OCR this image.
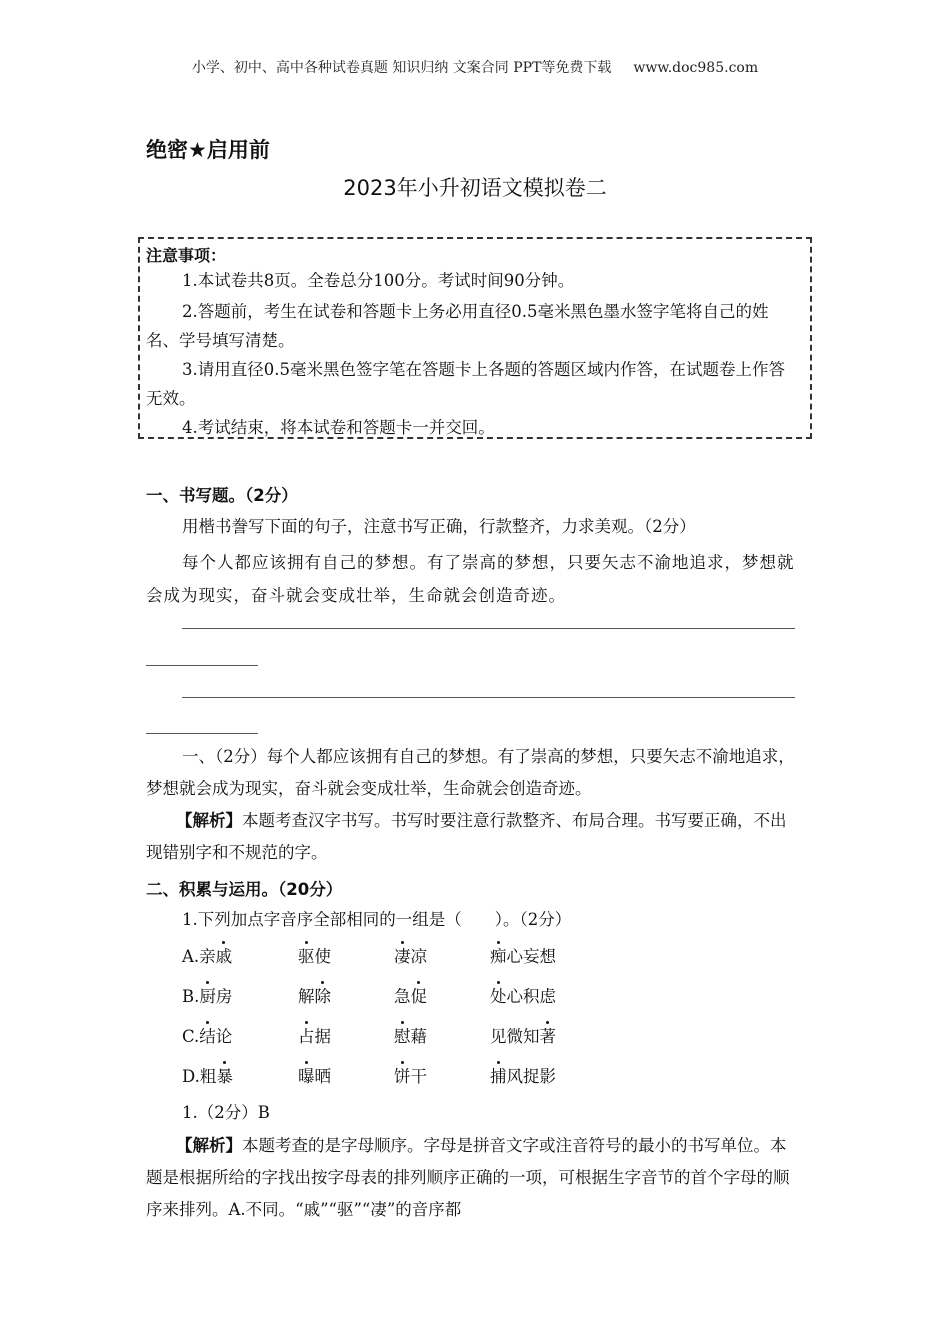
小学、初中、高中各种试卷真题 知识归纳 文案合同 PPT等免费下载 www.doc985.com
绝密★启用前
2023年小升初语文模拟卷二
注意事项：
1.本试卷共8页。全卷总分100分。考试时间90分钟。
2.答题前，考生在试卷和答题卡上务必用直径0.5毫米黑色墨水签字笔将自己的姓名、学号填写清楚。
3.请用直径0.5毫米黑色签字笔在答题卡上各题的答题区域内作答，在试题卷上作答无效。
4.考试结束，将本试卷和答题卡一并交回。
一、书写题。（2分）
用楷书誊写下面的句子，注意书写正确，行款整齐，力求美观。（2分）
每个人都应该拥有自己的梦想。有了崇高的梦想，只要矢志不渝地追求，梦想就会成为现实，奋斗就会变成壮举，生命就会创造奇迹。
一、（2分）每个人都应该拥有自己的梦想。有了崇高的梦想，只要矢志不渝地追求，梦想就会成为现实，奋斗就会变成壮举，生命就会创造奇迹。
【解析】本题考查汉字书写。书写时要注意行款整齐、布局合理。书写要正确，不出现错别字和不规范的字。
二、积累与运用。（20分）
1.下列加点字音序全部相同的一组是（　　）。（2分）
A.亲戚	驱使	凄凉	痴心妄想
B.厨房	解除	急促	处心积虑
C.结论	占据	慰藉	见微知著
D.粗暴	曝晒	饼干	捕风捉影
1.（2分）B
【解析】本题考查的是字母顺序。字母是拼音文字或注音符号的最小的书写单位。本题是根据所给的字找出按字母表的排列顺序正确的一项，可根据生字音节的首个字母的顺序来排列。A.不同。“戚”“驱”“凄”的音序都
